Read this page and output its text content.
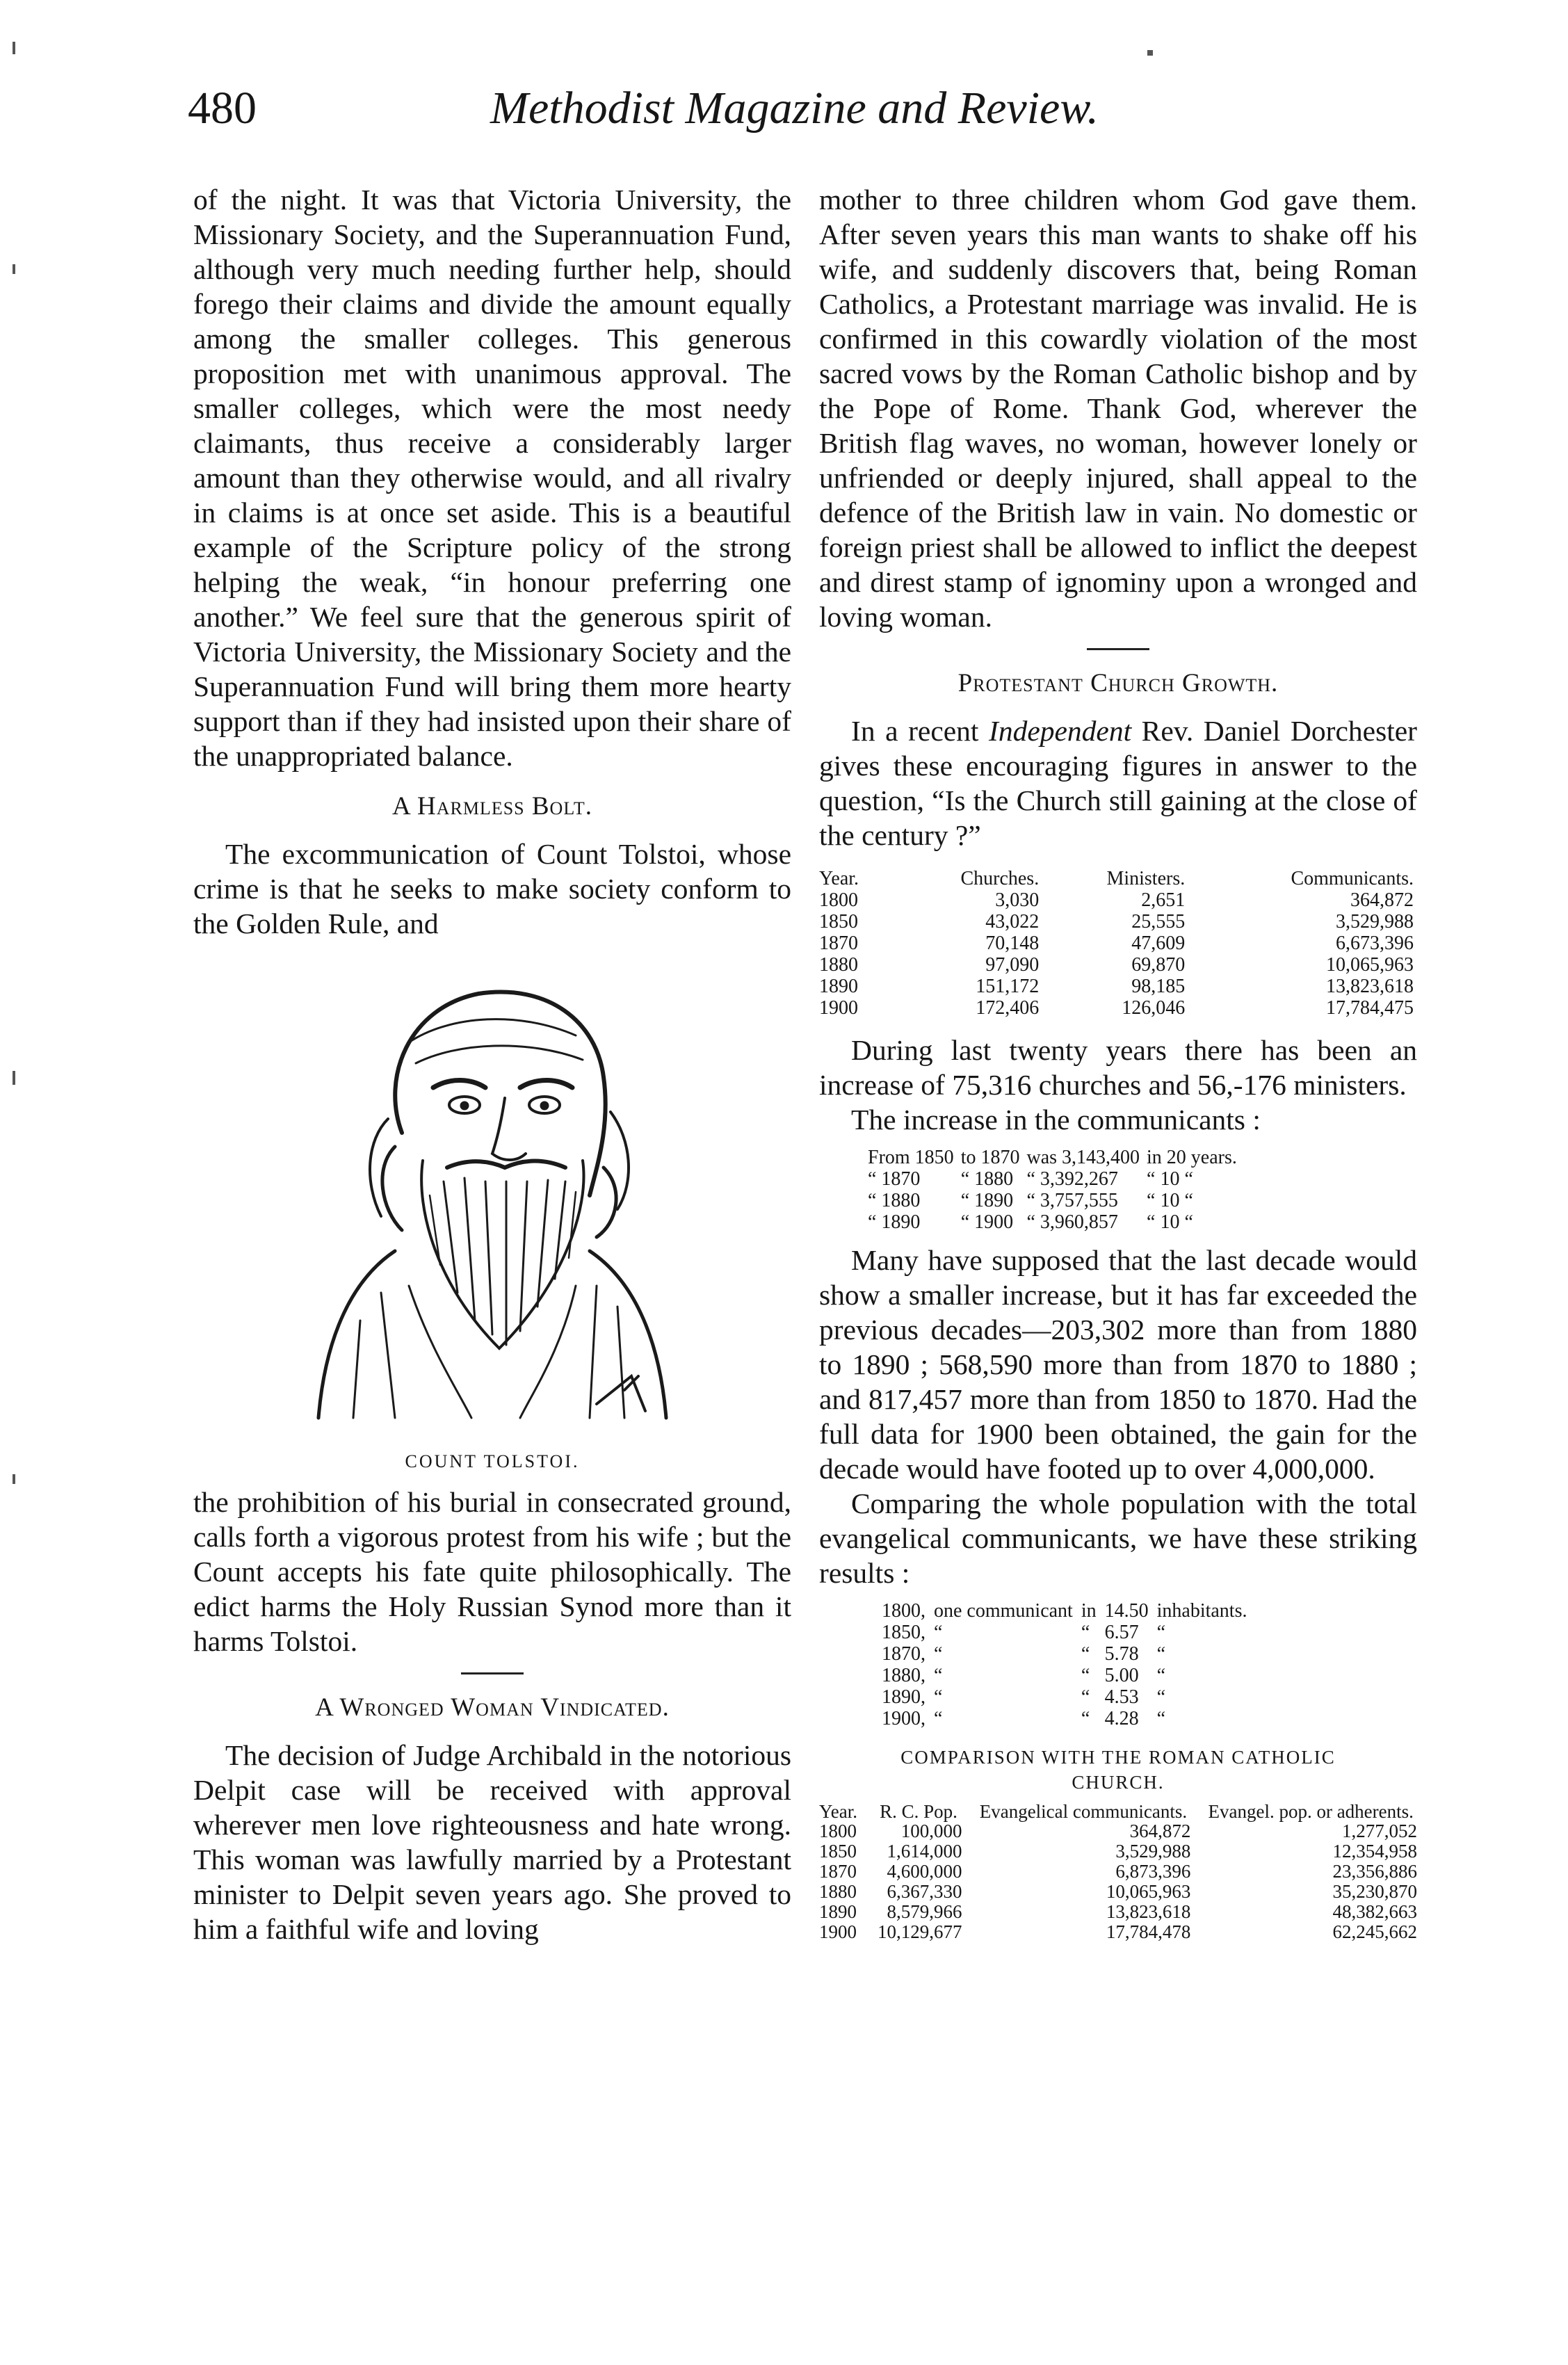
480	Methodist Magazine and Review.

of the night. It was that Victoria University, the Missionary Society, and the Superannuation Fund, although very much needing further help, should forego their claims and divide the amount equally among the smaller colleges. This generous proposition met with unanimous approval. The smaller colleges, which were the most needy claimants, thus receive a considerably larger amount than they otherwise would, and all rivalry in claims is at once set aside. This is a beautiful example of the Scripture policy of the strong helping the weak, “in honour preferring one another.” We feel sure that the generous spirit of Victoria University, the Missionary Society and the Superannuation Fund will bring them more hearty support than if they had insisted upon their share of the unappropriated balance.

A Harmless Bolt.

The excommunication of Count Tolstoi, whose crime is that he seeks to make society conform to the Golden Rule, and

COUNT TOLSTOI.

the prohibition of his burial in consecrated ground, calls forth a vigorous protest from his wife ; but the Count accepts his fate quite philosophically. The edict harms the Holy Russian Synod more than it harms Tolstoi.

A Wronged Woman Vindicated.

The decision of Judge Archibald in the notorious Delpit case will be received with approval wherever men love righteousness and hate wrong. This woman was lawfully married by a Protestant minister to Delpit seven years ago. She proved to him a faithful wife and loving

mother to three children whom God gave them. After seven years this man wants to shake off his wife, and suddenly discovers that, being Roman Catholics, a Protestant marriage was invalid. He is confirmed in this cowardly violation of the most sacred vows by the Roman Catholic bishop and by the Pope of Rome. Thank God, wherever the British flag waves, no woman, however lonely or unfriended or deeply injured, shall appeal to the defence of the British law in vain. No domestic or foreign priest shall be allowed to inflict the deepest and direst stamp of ignominy upon a wronged and loving woman.

Protestant Church Growth.

In a recent Independent Rev. Daniel Dorchester gives these encouraging figures in answer to the question, “Is the Church still gaining at the close of the century ?”

Year.	Churches.	Ministers.	Communicants.
1800	3,030	2,651	364,872
1850	43,022	25,555	3,529,988
1870	70,148	47,609	6,673,396
1880	97,090	69,870	10,065,963
1890	151,172	98,185	13,823,618
1900	172,406	126,046	17,784,475

During last twenty years there has been an increase of 75,316 churches and 56,-176 ministers.

The increase in the communicants :

From 1850	to 1870	was 3,143,400	in 20 years.
“ 1870	“ 1880	“ 3,392,267	“ 10 “
“ 1880	“ 1890	“ 3,757,555	“ 10 “
“ 1890	“ 1900	“ 3,960,857	“ 10 “

Many have supposed that the last decade would show a smaller increase, but it has far exceeded the previous decades—203,302 more than from 1880 to 1890 ; 568,590 more than from 1870 to 1880 ; and 817,457 more than from 1850 to 1870. Had the full data for 1900 been obtained, the gain for the decade would have footed up to over 4,000,000.

Comparing the whole population with the total evangelical communicants, we have these striking results :

1800,	one communicant	in	14.50	inhabitants.
1850,	“	“	6.57	“
1870,	“	“	5.78	“
1880,	“	“	5.00	“
1890,	“	“	4.53	“
1900,	“	“	4.28	“
COMPARISON WITH THE ROMAN CATHOLIC
CHURCH.
Year.	R. C. Pop.	Evangelical communicants.	Evangel. pop. or adherents.
1800	100,000	364,872	1,277,052
1850	1,614,000	3,529,988	12,354,958
1870	4,600,000	6,873,396	23,356,886
1880	6,367,330	10,065,963	35,230,870
1890	8,579,966	13,823,618	48,382,663
1900	10,129,677	17,784,478	62,245,662
